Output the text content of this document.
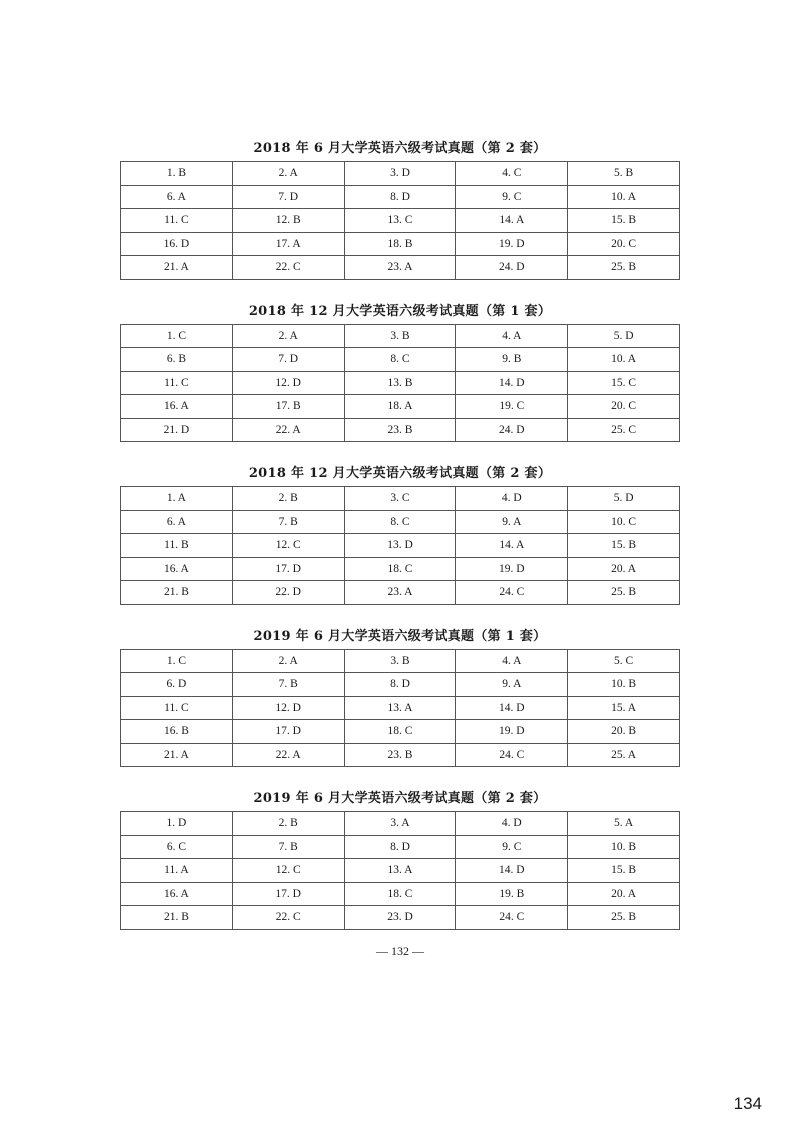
2018 年 6 月大学英语六级考试真题（第 2 套）
1. B	2. A	3. D	4. C	5. B
6. A	7. D	8. D	9. C	10. A
11. C	12. B	13. C	14. A	15. B
16. D	17. A	18. B	19. D	20. C
21. A	22. C	23. A	24. D	25. B
2018 年 12 月大学英语六级考试真题（第 1 套）
1. C	2. A	3. B	4. A	5. D
6. B	7. D	8. C	9. B	10. A
11. C	12. D	13. B	14. D	15. C
16. A	17. B	18. A	19. C	20. C
21. D	22. A	23. B	24. D	25. C
2018 年 12 月大学英语六级考试真题（第 2 套）
1. A	2. B	3. C	4. D	5. D
6. A	7. B	8. C	9. A	10. C
11. B	12. C	13. D	14. A	15. B
16. A	17. D	18. C	19. D	20. A
21. B	22. D	23. A	24. C	25. B
2019 年 6 月大学英语六级考试真题（第 1 套）
1. C	2. A	3. B	4. A	5. C
6. D	7. B	8. D	9. A	10. B
11. C	12. D	13. A	14. D	15. A
16. B	17. D	18. C	19. D	20. B
21. A	22. A	23. B	24. C	25. A
2019 年 6 月大学英语六级考试真题（第 2 套）
1. D	2. B	3. A	4. D	5. A
6. C	7. B	8. D	9. C	10. B
11. A	12. C	13. A	14. D	15. B
16. A	17. D	18. C	19. B	20. A
21. B	22. C	23. D	24. C	25. B
— 132 —
134
